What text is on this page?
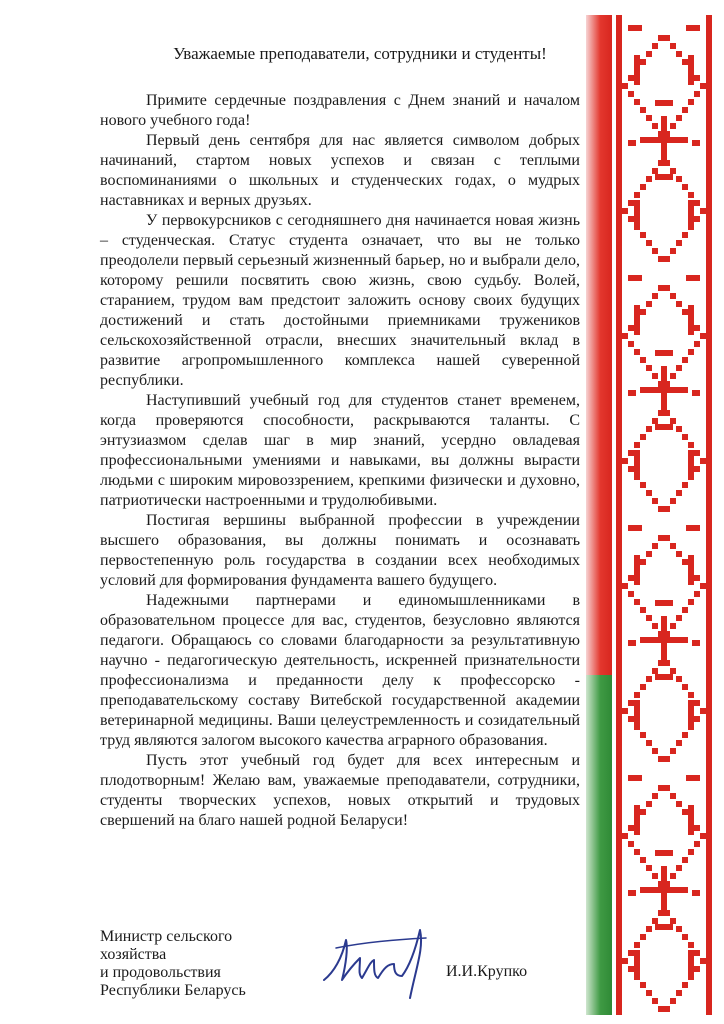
Уважаемые преподаватели, сотрудники и студенты!

Примите сердечные поздравления с Днем знаний и началом нового учебного года!

Первый день сентября для нас является символом добрых начинаний, стартом новых успехов и связан с теплыми воспоминаниями о школьных и студенческих годах, о мудрых наставниках и верных друзьях.

У первокурсников с сегодняшнего дня начинается новая жизнь – студенческая. Статус студента означает, что вы не только преодолели первый серьезный жизненный барьер, но и выбрали дело, которому решили посвятить свою жизнь, свою судьбу. Волей, старанием, трудом вам предстоит заложить основу своих будущих достижений и стать достойными приемниками тружеников сельскохозяйственной отрасли, внесших значительный вклад в развитие агропромышленного комплекса нашей суверенной республики.

Наступивший учебный год для студентов станет временем, когда проверяются способности, раскрываются таланты. С энтузиазмом сделав шаг в мир знаний, усердно овладевая профессиональными умениями и навыками, вы должны вырасти людьми с широким мировоззрением, крепкими физически и духовно, патриотически настроенными и трудолюбивыми.

Постигая вершины выбранной профессии в учреждении высшего образования, вы должны понимать и осознавать первостепенную роль государства в создании всех необходимых условий для формирования фундамента вашего будущего.

Надежными партнерами и единомышленниками в образовательном процессе для вас, студентов, безусловно являются педагоги. Обращаюсь со словами благодарности за результативную научно - педагогическую деятельность, искренней признательности профессионализма и преданности делу к профессорско - преподавательскому составу Витебской государственной академии ветеринарной медицины. Ваши целеустремленность и созидательный труд являются залогом высокого качества аграрного образования.

Пусть этот учебный год будет для всех интересным и плодотворным! Желаю вам, уважаемые преподаватели, сотрудники, студенты творческих успехов, новых открытий и трудовых свершений на благо нашей родной Беларуси!

Министр сельского хозяйства
и продовольствия
Республики Беларусь
И.И.Крупко
